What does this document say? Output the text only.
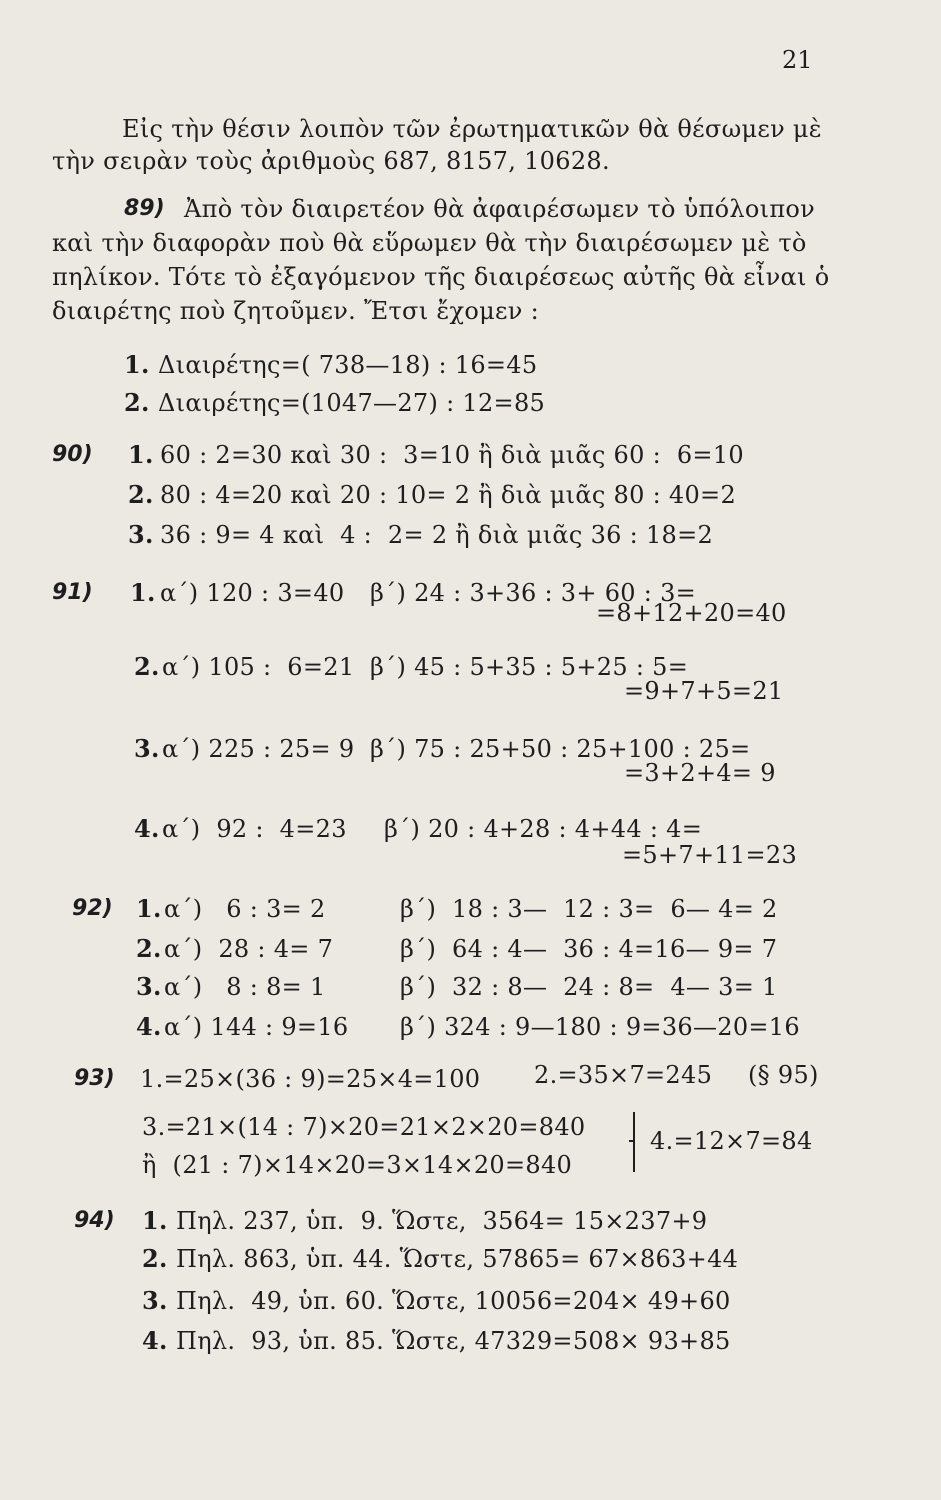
21
Εἰς τὴν θέσιν λοιπὸν τῶν ἐρωτηματικῶν θὰ θέσωμεν μὲ
τὴν σειρὰν τοὺς ἀριθμοὺς 687, 8157, 10628.
89) Ἀπὸ τὸν διαιρετέον θὰ ἀφαιρέσωμεν τὸ ὑπόλοιπον
καὶ τὴν διαφορὰν ποὺ θὰ εὕρωμεν θὰ τὴν διαιρέσωμεν μὲ τὸ
πηλίκον. Τότε τὸ ἐξαγόμενον τῆς διαιρέσεως αὐτῆς θὰ εἶναι ὁ
διαιρέτης ποὺ ζητοῦμεν. Ἔτσι ἔχομεν :
1. Διαιρέτης=( 738—18) : 16=45
2. Διαιρέτης=(1047—27) : 12=85
90) 1. 60 : 2=30 καὶ 30 :  3=10 ἢ διὰ μιᾶς 60 :  6=10
2. 80 : 4=20 καὶ 20 : 10= 2 ἢ διὰ μιᾶς 80 : 40=2
3. 36 : 9= 4 καὶ  4 :  2= 2 ἢ διὰ μιᾶς 36 : 18=2
91) 1. α΄) 120 : 3=40 β΄) 24 : 3+36 : 3+ 60 : 3=
=8+12+20=40
2. α΄) 105 :  6=21 β΄) 45 : 5+35 : 5+25 : 5=
=9+7+5=21
3. α΄) 225 : 25= 9 β΄) 75 : 25+50 : 25+100 : 25=
=3+2+4= 9
4. α΄)  92 :  4=23 β΄) 20 : 4+28 : 4+44 : 4=
=5+7+11=23
92) 1. α΄)   6 : 3= 2	β΄)  18 : 3—  12 : 3=  6— 4= 2
2. α΄)  28 : 4= 7	β΄)  64 : 4—  36 : 4=16— 9= 7
3. α΄)   8 : 8= 1	β΄)  32 : 8—  24 : 8=  4— 3= 1
4. α΄) 144 : 9=16 β΄) 324 : 9—180 : 9=36—20=16
93) 1.=25×(36 : 9)=25×4=100 2.=35×7=245 (§ 95)
3.=21×(14 : 7)×20=21×2×20=840
ἢ  (21 : 7)×14×20=3×14×20=840
4.=12×7=84
94) 1. Πηλ. 237, ὑπ.  9. Ὥστε,  3564= 15×237+9
2. Πηλ. 863, ὑπ. 44. Ὥστε, 57865= 67×863+44
3. Πηλ.  49, ὑπ. 60. Ὥστε, 10056=204× 49+60
4. Πηλ.  93, ὑπ. 85. Ὥστε, 47329=508× 93+85
